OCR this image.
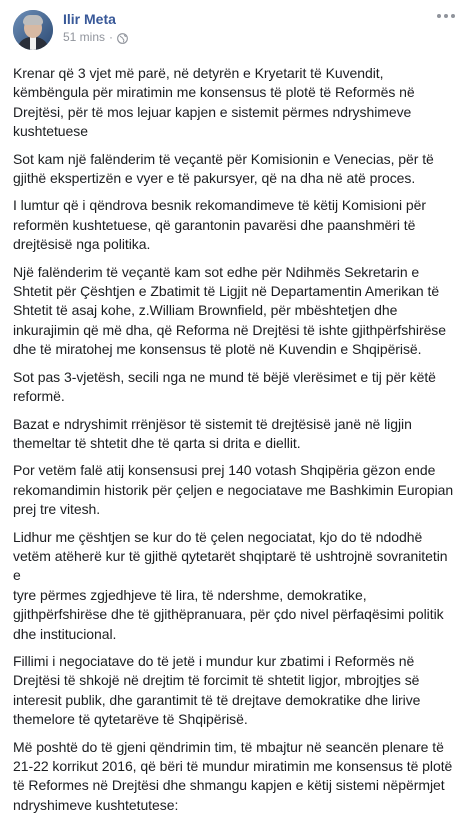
Ilir Meta
51 mins ·

Krenar që 3 vjet më parë, në detyrën e Kryetarit të Kuvendit,
këmbëngula për miratimin me konsensus të plotë të Reformës në
Drejtësi, për të mos lejuar kapjen e sistemit përmes ndryshimeve
kushtetuese

Sot kam një falënderim të veçantë për Komisionin e Venecias, për të
gjithë ekspertizën e vyer e të pakursyer, që na dha në atë proces.

I lumtur që i qëndrova besnik rekomandimeve të këtij Komisioni për
reformën kushtetuese, që garantonin pavarësi dhe paanshmëri të
drejtësisë nga politika.

Një falënderim të veçantë kam sot edhe për Ndihmës Sekretarin e
Shtetit për Çështjen e Zbatimit të Ligjit në Departamentin Amerikan të
Shtetit të asaj kohe, z.William Brownfield, për mbështetjen dhe
inkurajimin që më dha, që Reforma në Drejtësi të ishte gjithpërfshirëse
dhe të miratohej me konsensus të plotë në Kuvendin e Shqipërisë.

Sot pas 3-vjetësh, secili nga ne mund të bëjë vlerësimet e tij për këtë
reformë.

Bazat e ndryshimit rrënjësor të sistemit të drejtësisë janë në ligjin
themeltar të shtetit dhe të qarta si drita e diellit.

Por vetëm falë atij konsensusi prej 140 votash Shqipëria gëzon ende
rekomandimin historik për çeljen e negociatave me Bashkimin Europian
prej tre vitesh.

Lidhur me çështjen se kur do të çelen negociatat, kjo do të ndodhë
vetëm atëherë kur të gjithë qytetarët shqiptarë të ushtrojnë sovranitetin e
tyre përmes zgjedhjeve të lira, të ndershme, demokratike,
gjithpërfshirëse dhe të gjithëpranuara, për çdo nivel përfaqësimi politik
dhe institucional.

Fillimi i negociatave do të jetë i mundur kur zbatimi i Reformës në
Drejtësi të shkojë në drejtim të forcimit të shtetit ligjor, mbrojtjes së
interesit publik, dhe garantimit të të drejtave demokratike dhe lirive
themelore të qytetarëve të Shqipërisë.

Më poshtë do të gjeni qëndrimin tim, të mbajtur në seancën plenare të
21-22 korrikut 2016, që bëri të mundur miratimin me konsensus të plotë
të Reformes në Drejtësi dhe shmangu kapjen e këtij sistemi nëpërmjet
ndryshimeve kushtetutese:
